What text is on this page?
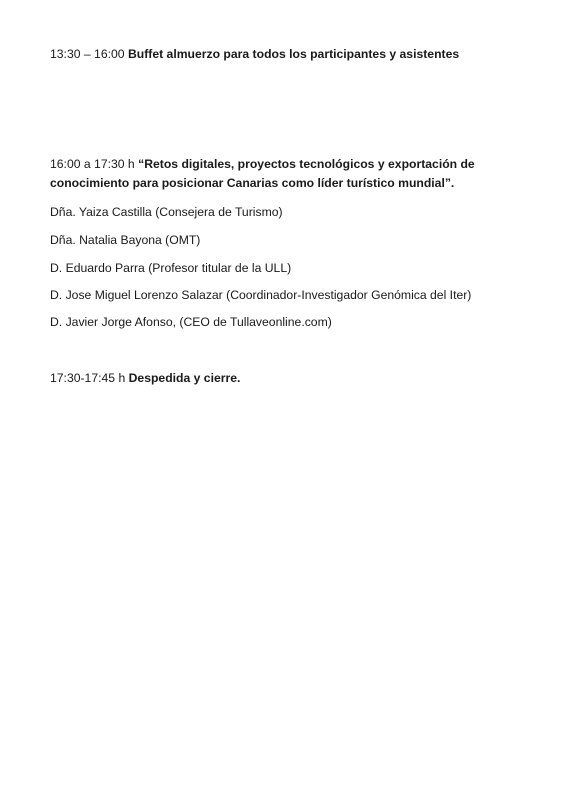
13:30 – 16:00 Buffet almuerzo para todos los participantes y asistentes
16:00 a 17:30 h “Retos digitales, proyectos tecnológicos y exportación de
conocimiento para posicionar Canarias como líder turístico mundial”.
Dña. Yaiza Castilla (Consejera de Turismo)
Dña. Natalia Bayona (OMT)
D. Eduardo Parra (Profesor titular de la ULL)
D. Jose Miguel Lorenzo Salazar (Coordinador-Investigador Genómica del Iter)
D. Javier Jorge Afonso, (CEO de Tullaveonline.com)
17:30-17:45 h Despedida y cierre.
